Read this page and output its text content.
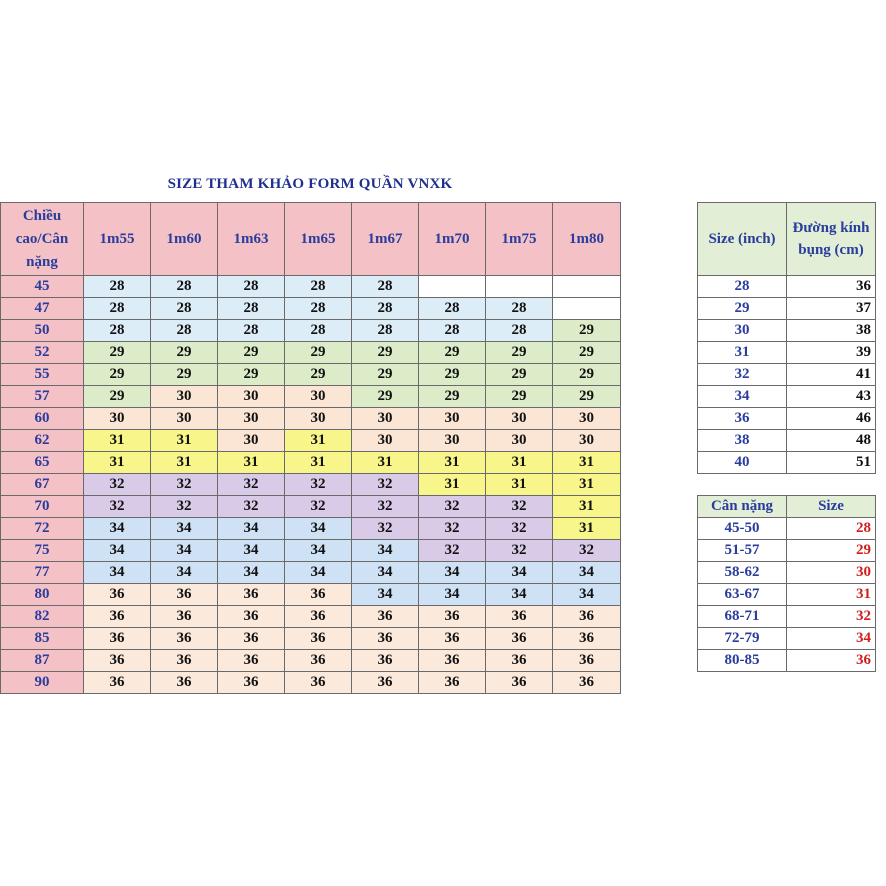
SIZE THAM KHẢO FORM QUẦN VNXK
Chiều cao/Cân nặng	1m55	1m60	1m63	1m65	1m67	1m70	1m75	1m80
45	28	28	28	28	28			
47	28	28	28	28	28	28	28	
50	28	28	28	28	28	28	28	29
52	29	29	29	29	29	29	29	29
55	29	29	29	29	29	29	29	29
57	29	30	30	30	29	29	29	29
60	30	30	30	30	30	30	30	30
62	31	31	30	31	30	30	30	30
65	31	31	31	31	31	31	31	31
67	32	32	32	32	32	31	31	31
70	32	32	32	32	32	32	32	31
72	34	34	34	34	32	32	32	31
75	34	34	34	34	34	32	32	32
77	34	34	34	34	34	34	34	34
80	36	36	36	36	34	34	34	34
82	36	36	36	36	36	36	36	36
85	36	36	36	36	36	36	36	36
87	36	36	36	36	36	36	36	36
90	36	36	36	36	36	36	36	36
Size (inch)	Đường kính bụng (cm)
28	36
29	37
30	38
31	39
32	41
34	43
36	46
38	48
40	51
Cân nặng	Size
45-50	28
51-57	29
58-62	30
63-67	31
68-71	32
72-79	34
80-85	36
